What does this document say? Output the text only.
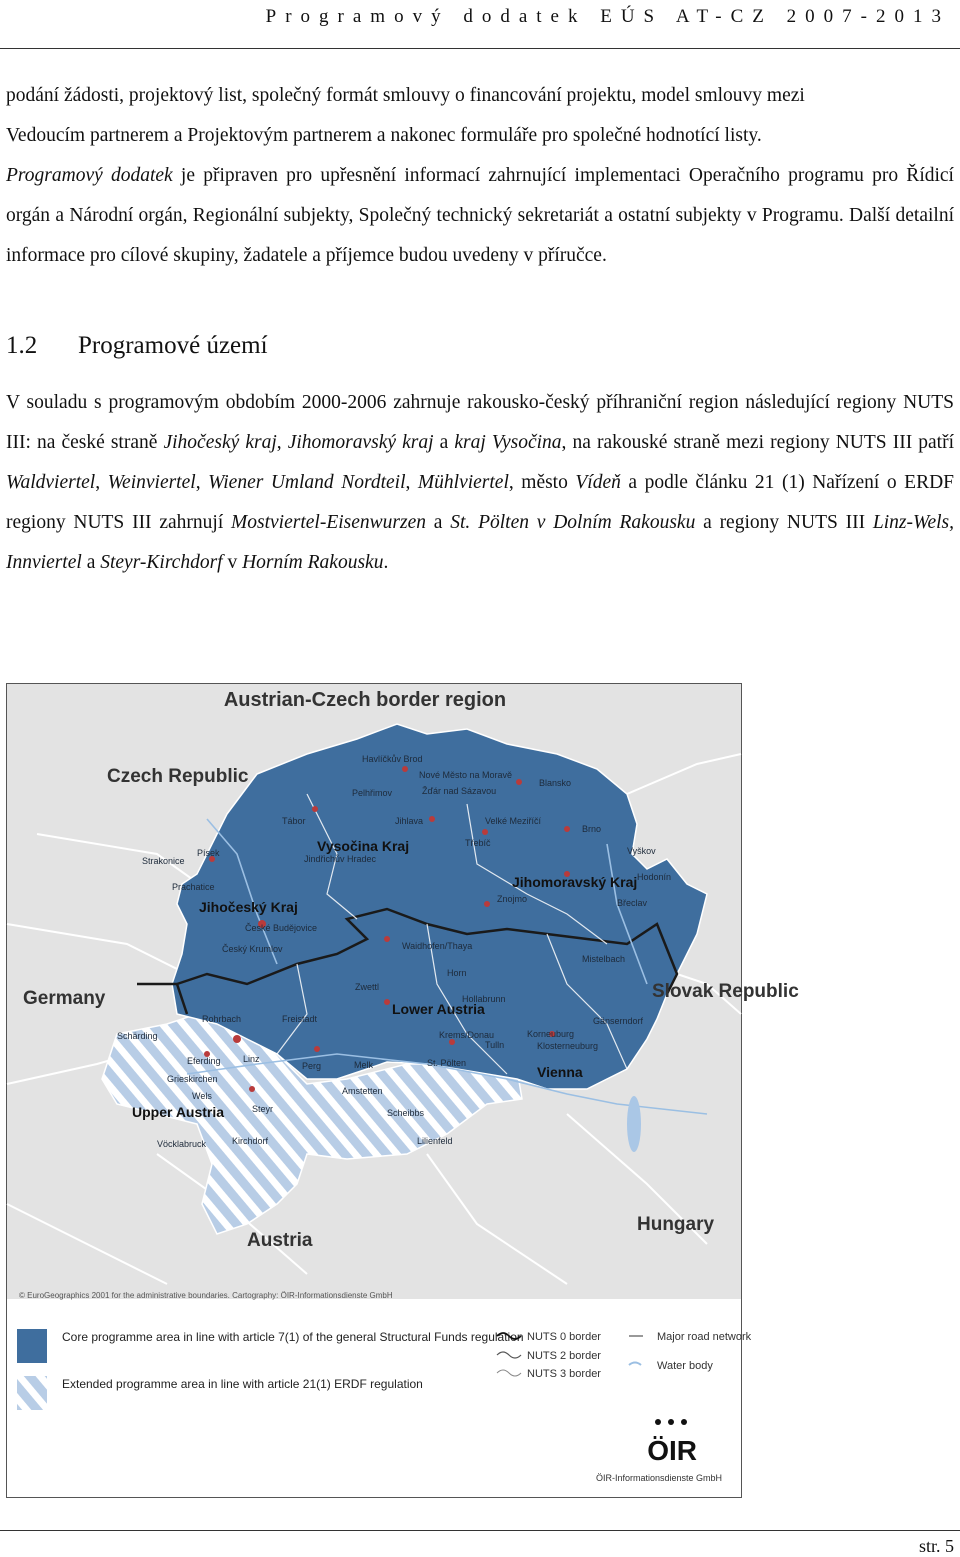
Programový dodatek EÚS AT-CZ 2007-2013

podání žádosti, projektový list, společný formát smlouvy o financování projektu, model smlouvy mezi
Vedoucím partnerem a Projektovým partnerem a nakonec formuláře pro společné hodnotící listy.

Programový dodatek je připraven pro upřesnění informací zahrnující implementaci Operačního programu pro Řídicí orgán a Národní orgán, Regionální subjekty, Společný technický sekretariát a ostatní subjekty v Programu. Další detailní informace pro cílové skupiny, žadatele a příjemce budou uvedeny v příručce.

1.2 Programové území

V souladu s programovým obdobím 2000-2006 zahrnuje rakousko-český příhraniční region následující regiony NUTS III: na české straně Jihočeský kraj, Jihomoravský kraj a kraj Vysočina, na rakouské straně mezi regiony NUTS III patří Waldviertel, Weinviertel, Wiener Umland Nordteil, Mühlviertel, město Vídeň a podle článku 21 (1) Nařízení o ERDF regiony NUTS III zahrnují Mostviertel-Eisenwurzen a St. Pölten v Dolním Rakousku a regiony NUTS III Linz-Wels, Innviertel a Steyr-Kirchdorf v Horním Rakousku.

Austrian-Czech border region
Czech Republic
Germany	Slovak Republic
Austria
Hungary
Vysočina Kraj
Jihočeský Kraj
Jihomoravský Kraj
Lower Austria
Upper Austria
Vienna
Havlíčkův Brod
Nové Město na Moravě
Pelhřimov	Žďár nad Sázavou
Blansko
Tábor	Jihlava	Velké Meziříčí
Brno
Písek
Třebíč
Vyškov
Strakonice	Jindřichův Hradec
Prachatice
České Budějovice
Znojmo	Břeclav
Hodonín
Český Krumlov	Waidhofen/Thaya
Horn
Mistelbach
Zwettl
Hollabrunn
Gänserndorf
Korneuburg
Krems/Donau
Tulln	Klosterneuburg
Rohrbach	Freistadt
Eferding Linz
Perg	Melk	St. Pölten
Schärding
Grieskirchen
Wels	Amstetten
Steyr	Scheibbs
Lilienfeld
Kirchdorf
Vöcklabruck
© EuroGeographics 2001 for the administrative boundaries. Cartography: ÖIR-Informationsdienste GmbH
Core programme area in line with article 7(1) of the general Structural Funds regulation
Extended programme area in line with article 21(1) ERDF regulation
NUTS 0 border
NUTS 2 border
NUTS 3 border
Major road network
Water body
ÖIR
ÖIR-Informationsdienste GmbH
str. 5
